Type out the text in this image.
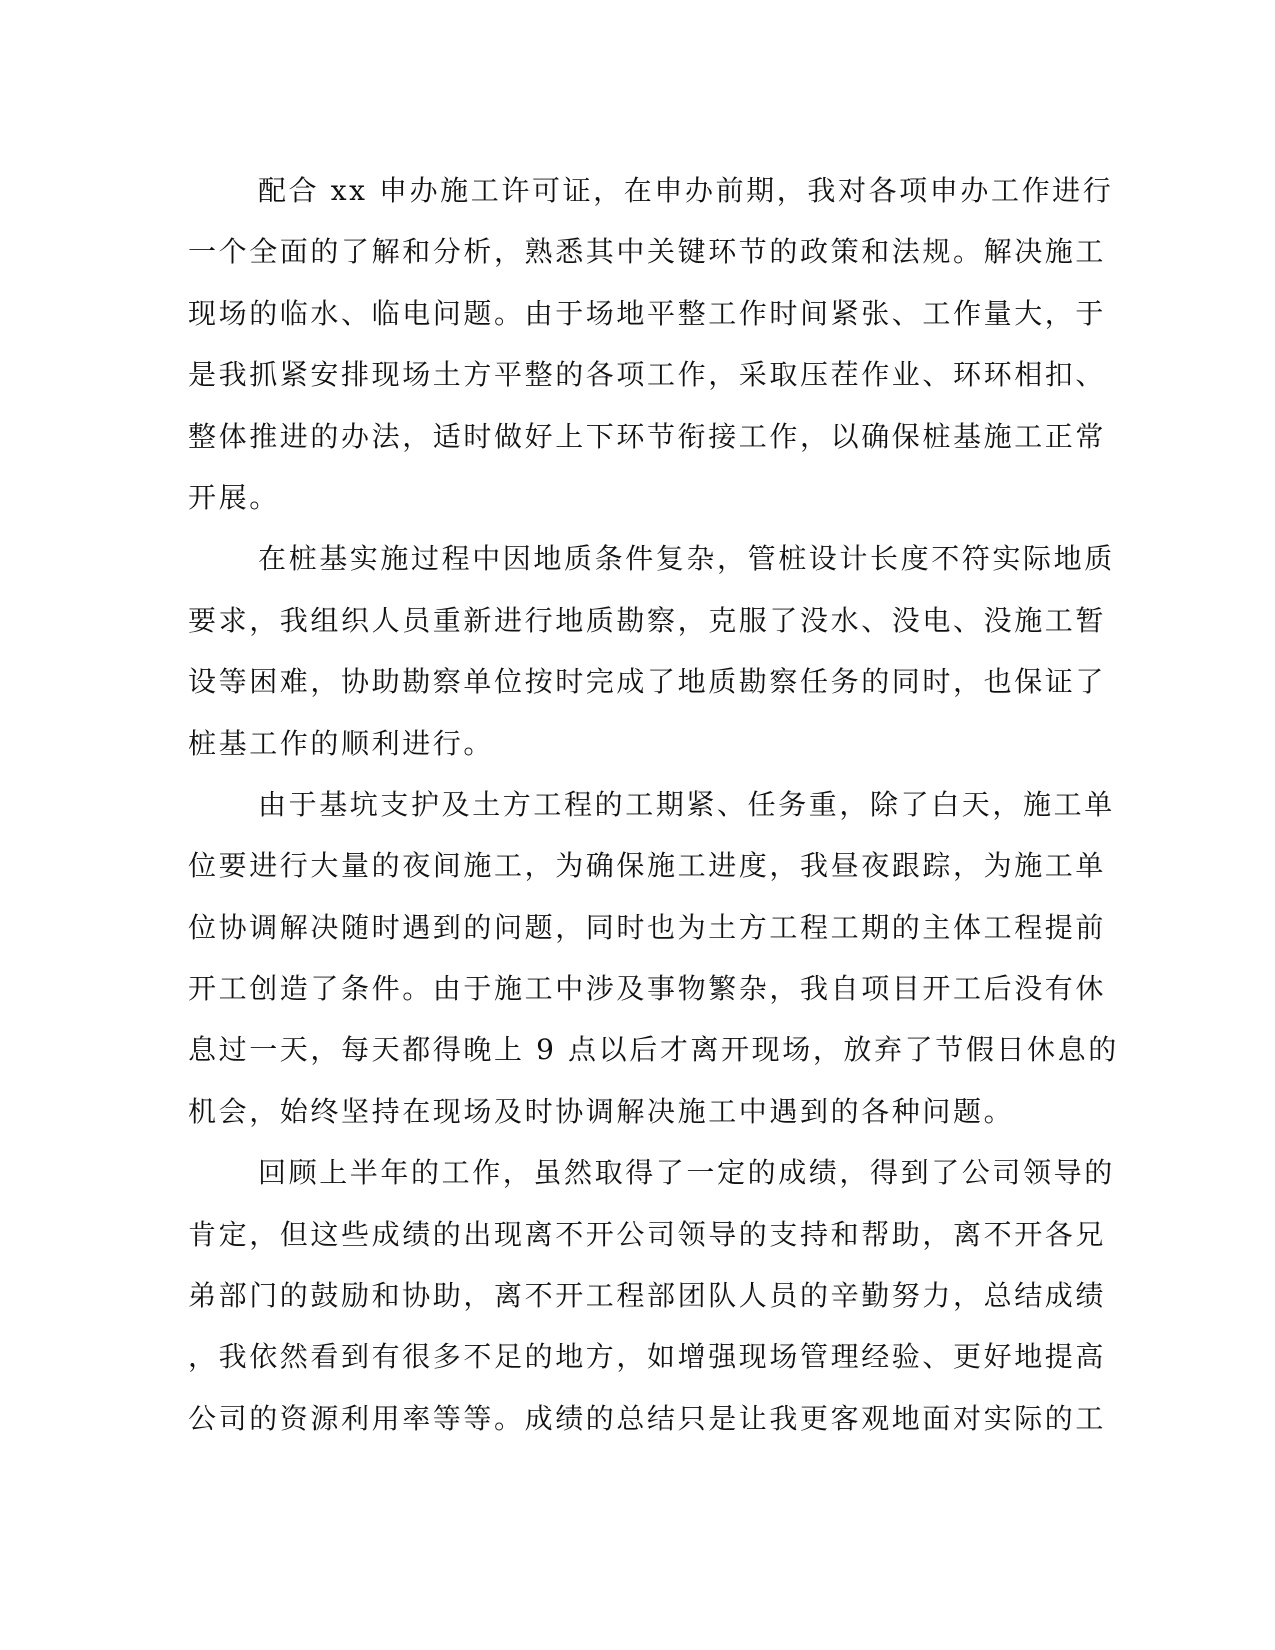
配合 xx 申办施工许可证，在申办前期，我对各项申办工作进行
一个全面的了解和分析，熟悉其中关键环节的政策和法规。解决施工
现场的临水、临电问题。由于场地平整工作时间紧张、工作量大，于
是我抓紧安排现场土方平整的各项工作，采取压茬作业、环环相扣、
整体推进的办法，适时做好上下环节衔接工作，以确保桩基施工正常
开展。
在桩基实施过程中因地质条件复杂，管桩设计长度不符实际地质
要求，我组织人员重新进行地质勘察，克服了没水、没电、没施工暂
设等困难，协助勘察单位按时完成了地质勘察任务的同时，也保证了
桩基工作的顺利进行。
由于基坑支护及土方工程的工期紧、任务重，除了白天，施工单
位要进行大量的夜间施工，为确保施工进度，我昼夜跟踪，为施工单
位协调解决随时遇到的问题，同时也为土方工程工期的主体工程提前
开工创造了条件。由于施工中涉及事物繁杂，我自项目开工后没有休
息过一天，每天都得晚上 9 点以后才离开现场，放弃了节假日休息的
机会，始终坚持在现场及时协调解决施工中遇到的各种问题。
回顾上半年的工作，虽然取得了一定的成绩，得到了公司领导的
肯定，但这些成绩的出现离不开公司领导的支持和帮助，离不开各兄
弟部门的鼓励和协助，离不开工程部团队人员的辛勤努力，总结成绩
，我依然看到有很多不足的地方，如增强现场管理经验、更好地提高
公司的资源利用率等等。成绩的总结只是让我更客观地面对实际的工
